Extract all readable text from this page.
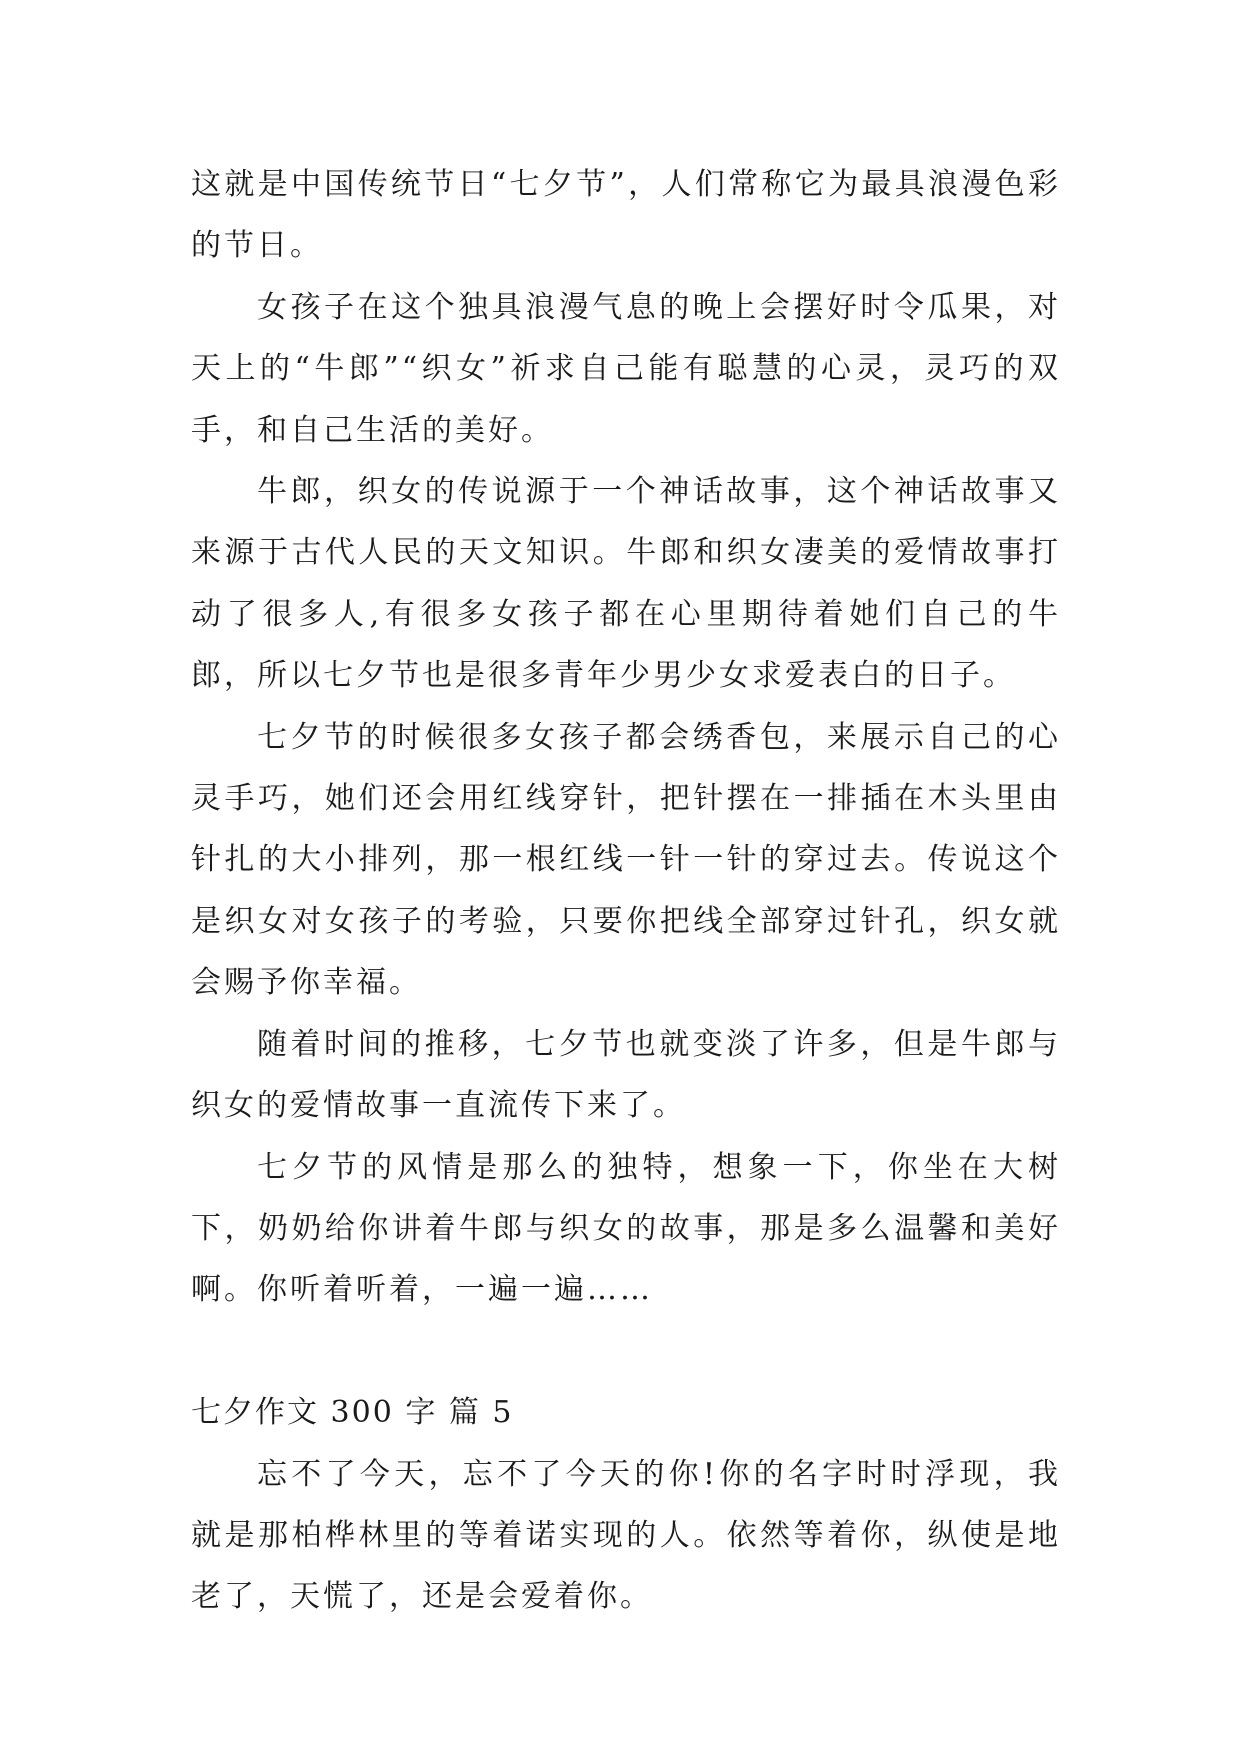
这就是中国传统节日“七夕节”，人们常称它为最具浪漫色彩的节日。

女孩子在这个独具浪漫气息的晚上会摆好时令瓜果，对天上的“牛郎”“织女”祈求自己能有聪慧的心灵，灵巧的双手，和自己生活的美好。

牛郎，织女的传说源于一个神话故事，这个神话故事又来源于古代人民的天文知识。牛郎和织女凄美的爱情故事打动了很多人,有很多女孩子都在心里期待着她们自己的牛郎，所以七夕节也是很多青年少男少女求爱表白的日子。

七夕节的时候很多女孩子都会绣香包，来展示自己的心灵手巧，她们还会用红线穿针，把针摆在一排插在木头里由针扎的大小排列，那一根红线一针一针的穿过去。传说这个是织女对女孩子的考验，只要你把线全部穿过针孔，织女就会赐予你幸福。

随着时间的推移，七夕节也就变淡了许多，但是牛郎与织女的爱情故事一直流传下来了。

七夕节的风情是那么的独特，想象一下，你坐在大树下，奶奶给你讲着牛郎与织女的故事，那是多么温馨和美好啊。你听着听着，一遍一遍……

七夕作文 300 字 篇 5

忘不了今天，忘不了今天的你!你的名字时时浮现，我就是那柏桦林里的等着诺实现的人。依然等着你，纵使是地老了，天慌了，还是会爱着你。
